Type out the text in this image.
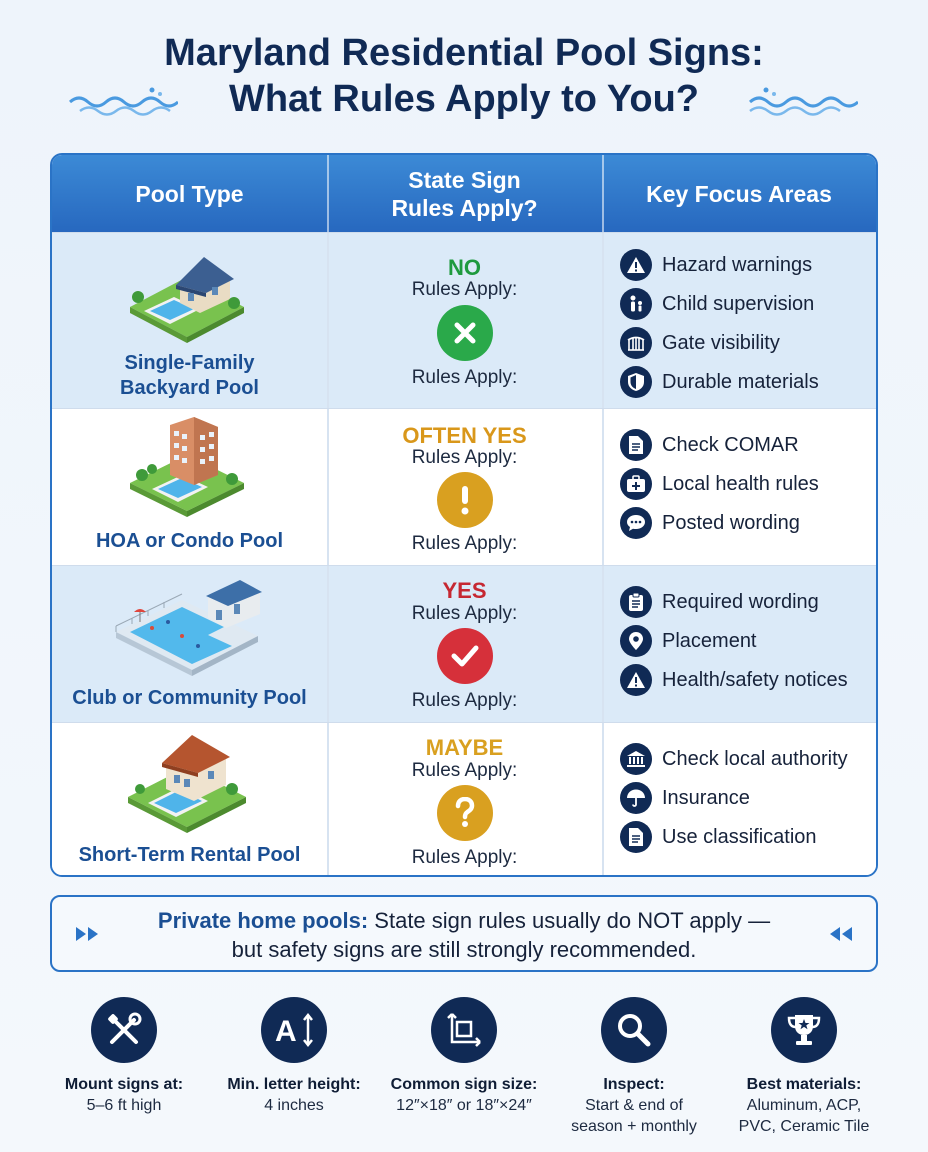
Maryland Residential Pool Signs:
What Rules Apply to You?
Pool Type
State Sign
Rules Apply?
Key Focus Areas
Single-Family
Backyard Pool
NO
Rules Apply:
Rules Apply:
Hazard warnings
Child supervision
Gate visibility
Durable materials
HOA or Condo Pool
OFTEN YES
Rules Apply:
Rules Apply:
Check COMAR
Local health rules
Posted wording
Club or Community Pool
YES
Rules Apply:
Rules Apply:
Required wording
Placement
Health/safety notices
Short-Term Rental Pool
MAYBE
Rules Apply:
Rules Apply:
Check local authority
Insurance
Use classification
Private home pools: State sign rules usually do NOT apply —
but safety signs are still strongly recommended.
Mount signs at:
5–6 ft high
A
Min. letter height:
4 inches
Common sign size:
12″×18″ or 18″×24″
Inspect:
Start & end of
season + monthly
Best materials:
Aluminum, ACP,
PVC, Ceramic Tile
